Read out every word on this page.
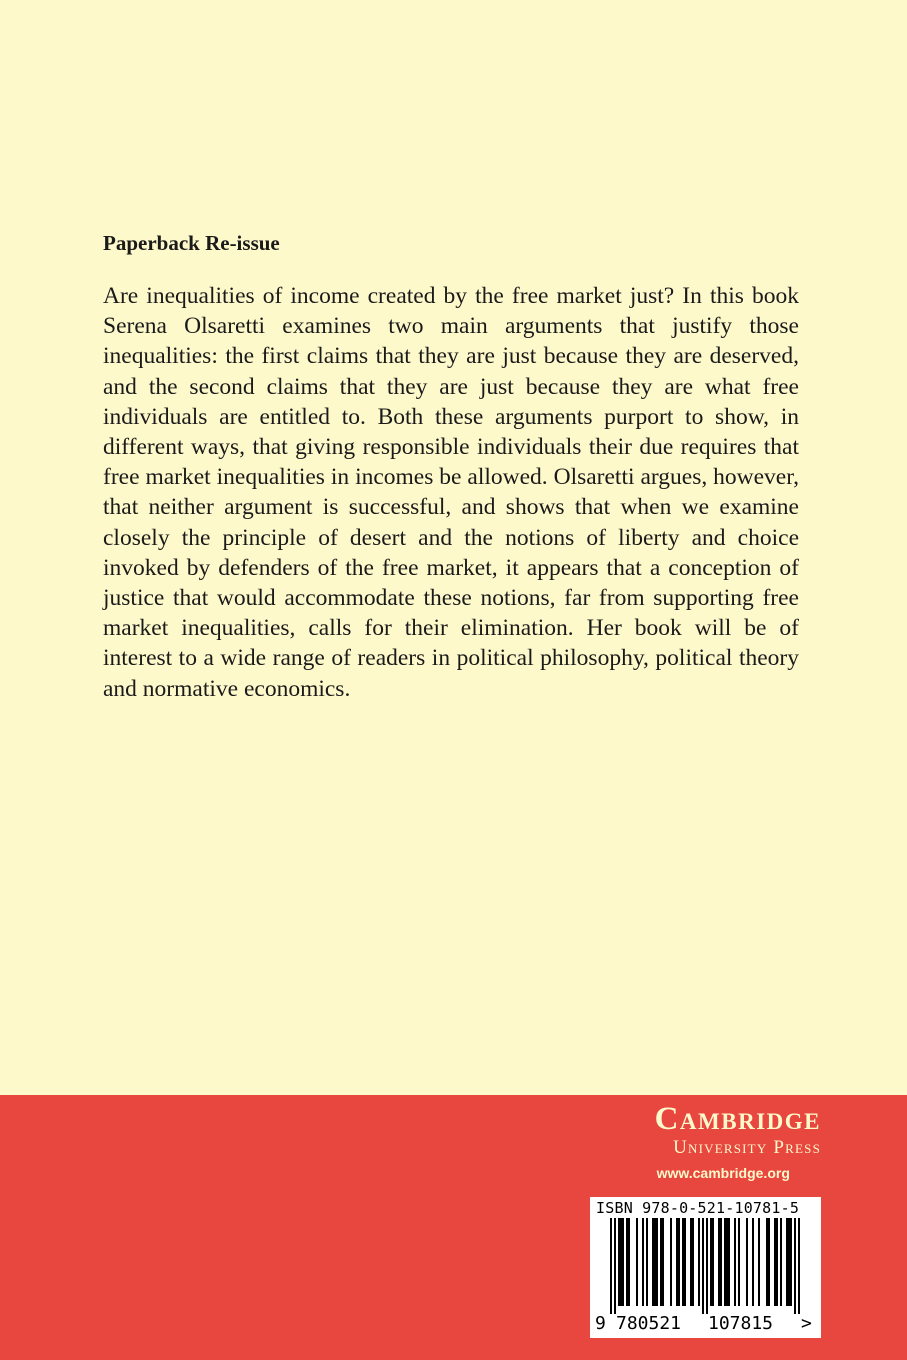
Paperback Re-issue

Are inequalities of income created by the free market just? In this book Serena Olsaretti examines two main arguments that justify those inequalities: the first claims that they are just because they are deserved, and the second claims that they are just because they are what free individuals are entitled to. Both these arguments purport to show, in different ways, that giving responsible individuals their due requires that free market inequalities in incomes be allowed. Olsaretti argues, however, that neither argument is successful, and shows that when we examine closely the principle of desert and the notions of liberty and choice invoked by defenders of the free market, it appears that a conception of justice that would accommodate these notions, far from supporting free market inequalities, calls for their elimination. Her book will be of interest to a wide range of readers in political philosophy, political theory and normative economics.

Cambridge
University Press
www.cambridge.org
ISBN 978-0-521-10781-5
9 780521 107815 >
